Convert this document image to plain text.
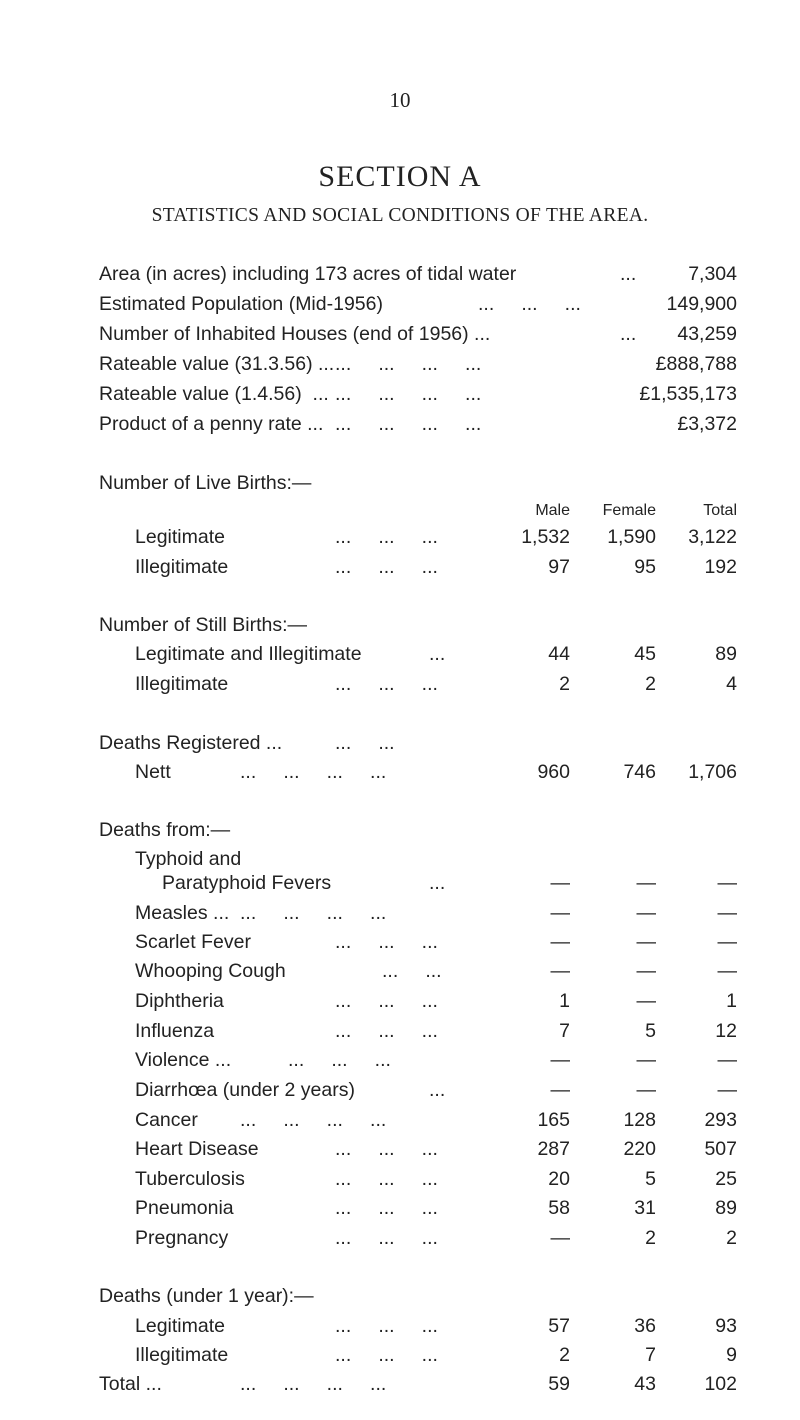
10
SECTION A
STATISTICS AND SOCIAL CONDITIONS OF THE AREA.
Area (in acres) including 173 acres of tidal water	...	7,304
Estimated Population (Mid-1956)	...     ...     ...	149,900
Number of Inhabited Houses (end of 1956) ...	... 43,259
Rateable value (31.3.56) ... ...     ...     ...     ...	£888,788
Rateable value (1.4.56)  ... ...     ...     ...     ...	£1,535,173
Product of a penny rate ... ...     ...     ...     ...	£3,372
Number of Live Births:—
Male Female	Total
Legitimate	...     ...     ...	1,532 1,590 3,122
Illegitimate	...     ...     ...	97	95 192
Number of Still Births:—
Legitimate and Illegitimate	...	44	45	89
Illegitimate	...     ...     ...	2	2	4
Deaths Registered ...	...     ...
Nett	...     ...     ...     ...	960	746 1,706
Deaths from:—
Typhoid and
Paratyphoid Fevers	...	—	—	—
Measles ... ...     ...     ...     ...	—	—	—
Scarlet Fever	...     ...     ...	—	—	—
Whooping Cough	...     ...	—	—	—
Diphtheria	...     ...     ...	1	—	1
Influenza	...     ...     ...	7	5	12
Violence ...	...     ...     ...	—	—	—
Diarrhœa (under 2 years)	...	—	—	—
Cancer ...     ...     ...     ...	165	128 293
Heart Disease	...     ...     ...	287	220 507
Tuberculosis	...     ...     ...	20	5	25
Pneumonia	...     ...     ...	58	31	89
Pregnancy	...     ...     ...	—	2	2
Deaths (under 1 year):—
Legitimate	...     ...     ...	57	36	93
Illegitimate	...     ...     ...	2	7	9
Total ...	...     ...     ...     ...	59	43 102
